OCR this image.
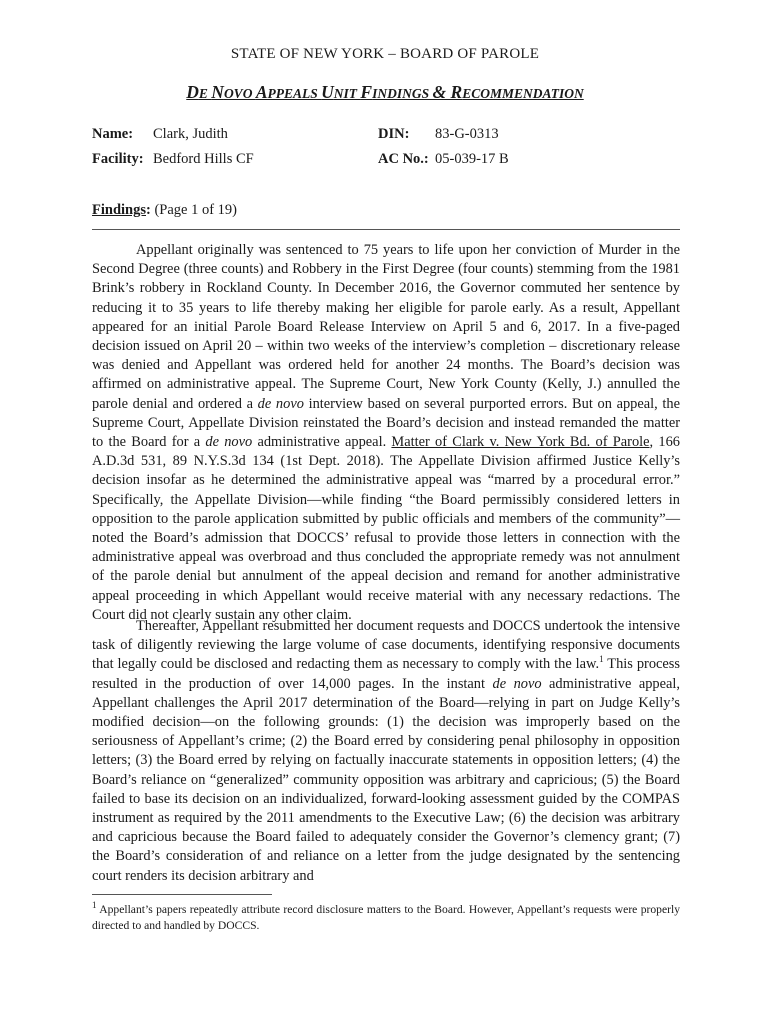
STATE OF NEW YORK – BOARD OF PAROLE
DE NOVO APPEALS UNIT FINDINGS & RECOMMENDATION
Name: Clark, Judith
Facility: Bedford Hills CF
DIN: 83-G-0313
AC No.: 05-039-17 B
Findings: (Page 1 of 19)

Appellant originally was sentenced to 75 years to life upon her conviction of Murder in the Second Degree (three counts) and Robbery in the First Degree (four counts) stemming from the 1981 Brink’s robbery in Rockland County. In December 2016, the Governor commuted her sentence by reducing it to 35 years to life thereby making her eligible for parole early. As a result, Appellant appeared for an initial Parole Board Release Interview on April 5 and 6, 2017. In a five-paged decision issued on April 20 – within two weeks of the interview’s completion – discretionary release was denied and Appellant was ordered held for another 24 months. The Board’s decision was affirmed on administrative appeal. The Supreme Court, New York County (Kelly, J.) annulled the parole denial and ordered a de novo interview based on several purported errors. But on appeal, the Supreme Court, Appellate Division reinstated the Board’s decision and instead remanded the matter to the Board for a de novo administrative appeal. Matter of Clark v. New York Bd. of Parole, 166 A.D.3d 531, 89 N.Y.S.3d 134 (1st Dept. 2018). The Appellate Division affirmed Justice Kelly’s decision insofar as he determined the administrative appeal was “marred by a procedural error.” Specifically, the Appellate Division—while finding “the Board permissibly considered letters in opposition to the parole application submitted by public officials and members of the community”—noted the Board’s admission that DOCCS’ refusal to provide those letters in connection with the administrative appeal was overbroad and thus concluded the appropriate remedy was not annulment of the parole denial but annulment of the appeal decision and remand for another administrative appeal proceeding in which Appellant would receive material with any necessary redactions. The Court did not clearly sustain any other claim.

Thereafter, Appellant resubmitted her document requests and DOCCS undertook the intensive task of diligently reviewing the large volume of case documents, identifying responsive documents that legally could be disclosed and redacting them as necessary to comply with the law.$^1$ This process resulted in the production of over 14,000 pages. In the instant de novo administrative appeal, Appellant challenges the April 2017 determination of the Board—relying in part on Judge Kelly’s modified decision—on the following grounds: (1) the decision was improperly based on the seriousness of Appellant’s crime; (2) the Board erred by considering penal philosophy in opposition letters; (3) the Board erred by relying on factually inaccurate statements in opposition letters; (4) the Board’s reliance on “generalized” community opposition was arbitrary and capricious; (5) the Board failed to base its decision on an individualized, forward-looking assessment guided by the COMPAS instrument as required by the 2011 amendments to the Executive Law; (6) the decision was arbitrary and capricious because the Board failed to adequately consider the Governor’s clemency grant; (7) the Board’s consideration of and reliance on a letter from the judge designated by the sentencing court renders its decision arbitrary and

$^1$ Appellant’s papers repeatedly attribute record disclosure matters to the Board. However, Appellant’s requests were properly directed to and handled by DOCCS.
